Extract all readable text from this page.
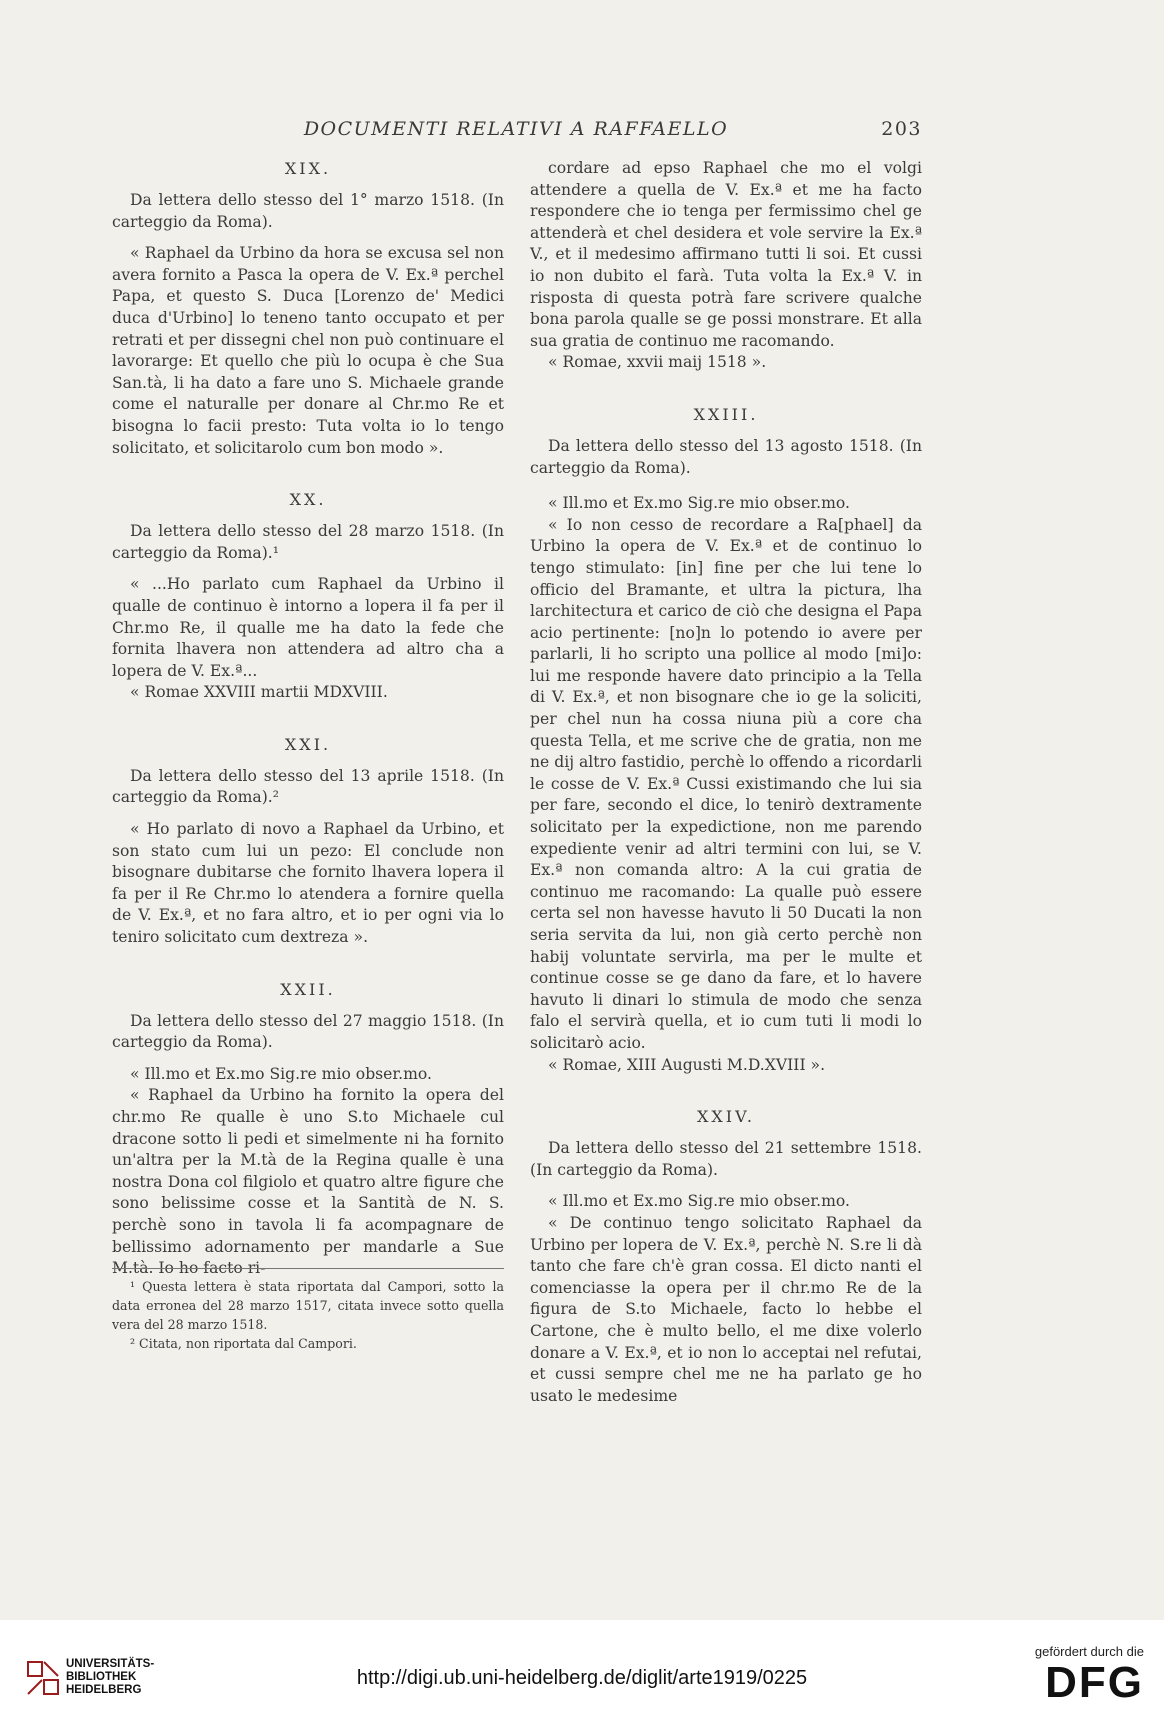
DOCUMENTI RELATIVI A RAFFAELLO	203
XIX.

Da lettera dello stesso del 1° marzo 1518. (In carteggio da Roma).

« Raphael da Urbino da hora se excusa sel non avera fornito a Pasca la opera de V. Ex.ª perchel Papa, et questo S. Duca [Lorenzo de' Medici duca d'Urbino] lo teneno tanto occupato et per retrati et per dissegni chel non può continuare el lavorarge: Et quello che più lo ocupa è che Sua San.tà, li ha dato a fare uno S. Michaele grande come el naturalle per donare al Chr.mo Re et bisogna lo facii presto: Tuta volta io lo tengo solicitato, et solicitarolo cum bon modo ».

XX.

Da lettera dello stesso del 28 marzo 1518. (In carteggio da Roma).¹

« ...Ho parlato cum Raphael da Urbino il qualle de continuo è intorno a lopera il fa per il Chr.mo Re, il qualle me ha dato la fede che fornita lhavera non attendera ad altro cha a lopera de V. Ex.ª...

« Romae XXVIII martii MDXVIII.

XXI.

Da lettera dello stesso del 13 aprile 1518. (In carteggio da Roma).²

« Ho parlato di novo a Raphael da Urbino, et son stato cum lui un pezo: El conclude non bisognare dubitarse che fornito lhavera lopera il fa per il Re Chr.mo lo atendera a fornire quella de V. Ex.ª, et no fara altro, et io per ogni via lo teniro solicitato cum dextreza ».

XXII.

Da lettera dello stesso del 27 maggio 1518. (In carteggio da Roma).

« Ill.mo et Ex.mo Sig.re mio obser.mo.

« Raphael da Urbino ha fornito la opera del chr.mo Re qualle è uno S.to Michaele cul dracone sotto li pedi et simelmente ni ha fornito un'altra per la M.tà de la Regina qualle è una nostra Dona col filgiolo et quatro altre figure che sono belissime cosse et la Santità de N. S. perchè sono in tavola li fa acompagnare de bellissimo adornamento per mandarle a Sue M.tà. Io ho facto ri-

¹ Questa lettera è stata riportata dal Campori, sotto la data erronea del 28 marzo 1517, citata invece sotto quella vera del 28 marzo 1518.

² Citata, non riportata dal Campori.

cordare ad epso Raphael che mo el volgi attendere a quella de V. Ex.ª et me ha facto respondere che io tenga per fermissimo chel ge attenderà et chel desidera et vole servire la Ex.ª V., et il medesimo affirmano tutti li soi. Et cussi io non dubito el farà. Tuta volta la Ex.ª V. in risposta di questa potrà fare scrivere qualche bona parola qualle se ge possi monstrare. Et alla sua gratia de continuo me racomando.

« Romae, xxvii maij 1518 ».

XXIII.

Da lettera dello stesso del 13 agosto 1518. (In carteggio da Roma).

« Ill.mo et Ex.mo Sig.re mio obser.mo.

« Io non cesso de recordare a Ra[phael] da Urbino la opera de V. Ex.ª et de continuo lo tengo stimulato: [in] fine per che lui tene lo officio del Bramante, et ultra la pictura, lha larchitectura et carico de ciò che designa el Papa acio pertinente: [no]n lo potendo io avere per parlarli, li ho scripto una pollice al modo [mi]o: lui me responde havere dato principio a la Tella di V. Ex.ª, et non bisognare che io ge la soliciti, per chel nun ha cossa niuna più a core cha questa Tella, et me scrive che de gratia, non me ne dij altro fastidio, perchè lo offendo a ricordarli le cosse de V. Ex.ª Cussi existimando che lui sia per fare, secondo el dice, lo tenirò dextramente solicitato per la expedictione, non me parendo expediente venir ad altri termini con lui, se V. Ex.ª non comanda altro: A la cui gratia de continuo me racomando: La qualle può essere certa sel non havesse havuto li 50 Ducati la non seria servita da lui, non già certo perchè non habij voluntate servirla, ma per le multe et continue cosse se ge dano da fare, et lo havere havuto li dinari lo stimula de modo che senza falo el servirà quella, et io cum tuti li modi lo solicitarò acio.

« Romae, XIII Augusti M.D.XVIII ».

XXIV.

Da lettera dello stesso del 21 settembre 1518. (In carteggio da Roma).

« Ill.mo et Ex.mo Sig.re mio obser.mo.

« De continuo tengo solicitato Raphael da Urbino per lopera de V. Ex.ª, perchè N. S.re li dà tanto che fare ch'è gran cossa. El dicto nanti el comenciasse la opera per il chr.mo Re de la figura de S.to Michaele, facto lo hebbe el Cartone, che è multo bello, el me dixe volerlo donare a V. Ex.ª, et io non lo acceptai nel refutai, et cussi sempre chel me ne ha parlato ge ho usato le medesime

UNIVERSITÄTS-
BIBLIOTHEK
HEIDELBERG
http://digi.ub.uni-heidelberg.de/diglit/arte1919/0225
gefördert durch die
DFG
